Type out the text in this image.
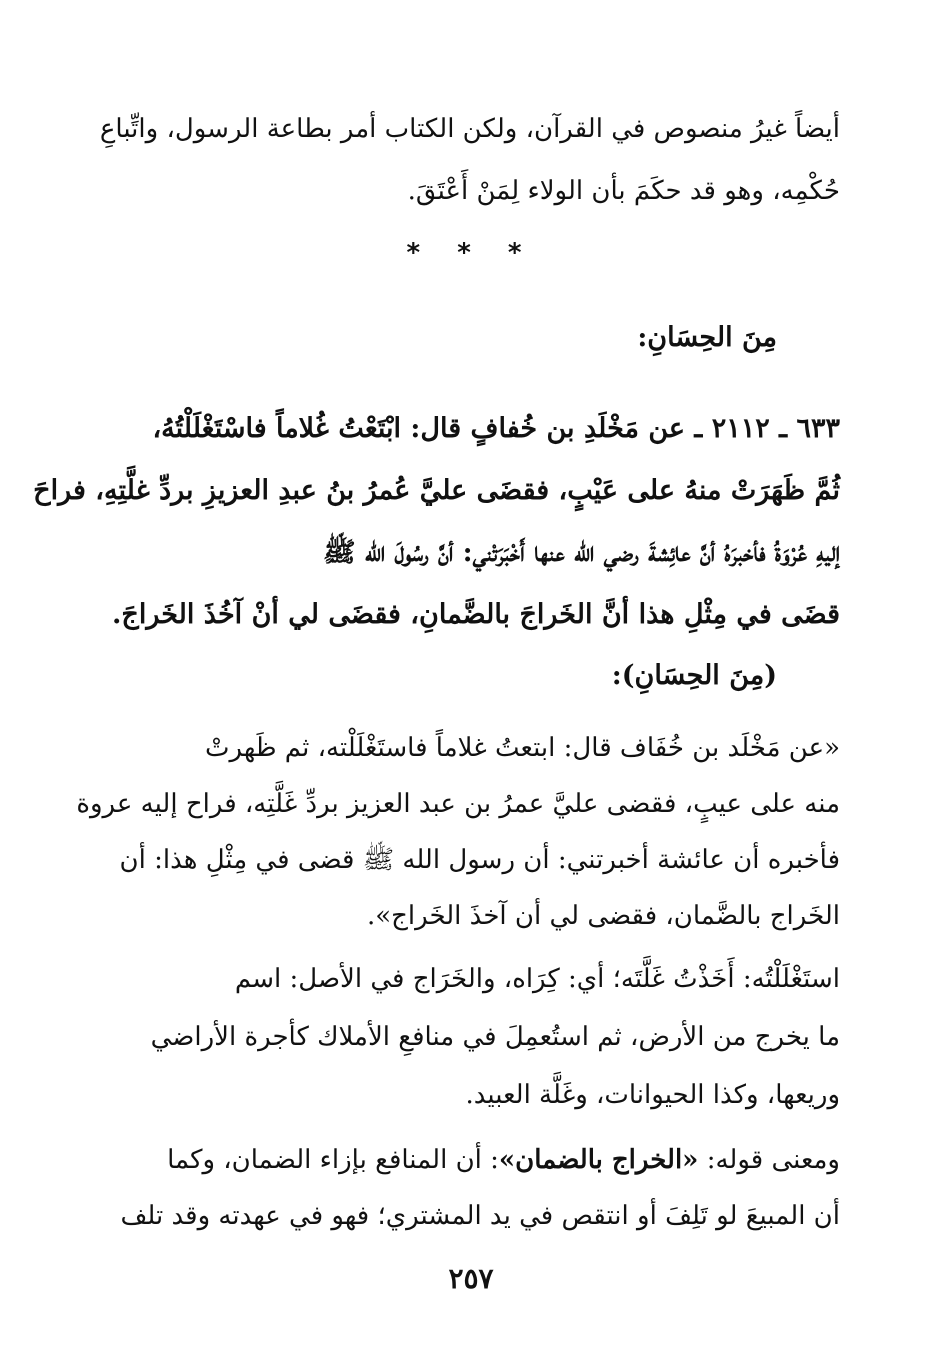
أيضاً غيرُ منصوص في القرآن، ولكن الكتاب أمر بطاعة الرسول، واتِّباعِ
حُكْمِه، وهو قد حكَمَ بأن الولاء لِمَنْ أَعْتَقَ.
* * *
مِنَ الحِسَانِ:
٦٣٣ ـ ٢١١٢ ـ عن مَخْلَدِ بن خُفافٍ قال: ابْتَعْتُ غُلاماً فاسْتَغْلَلْتُهُ،
ثُمَّ ظَهَرَتْ منهُ على عَيْبٍ، فقضَى عليَّ عُمرُ بنُ عبدِ العزيزِ بردِّ غلَّتِهِ، فراحَ
إليهِ عُرْوَةُ فأخبرَهُ أنَّ عائِشةَ رضي الله عنها أَخْبَرَتْني: أنَّ رسُولَ الله ﷺ
قضَى في مِثْلِ هذا أنَّ الخَراجَ بالضَّمانِ، فقضَى لي أنْ آخُذَ الخَراجَ.
(مِنَ الحِسَانِ):
«عن مَخْلَد بن خُفَاف قال: ابتعتُ غلاماً فاستَغْلَلْته، ثم ظَهرتْ
منه على عيبٍ، فقضى عليَّ عمرُ بن عبد العزيز بردِّ غَلَّتِه، فراح إليه عروة
فأخبره أن عائشة أخبرتني: أن رسول الله ﷺ قضى في مِثْلِ هذا: أن
الخَراج بالضَّمان، فقضى لي أن آخذَ الخَراج».
استَغْلَلْتُه: أَخَذْتُ غَلَّتَه؛ أي: كِرَاه، والخَرَاج في الأصل: اسم
ما يخرج من الأرض، ثم استُعمِلَ في منافعِ الأملاك كأجرة الأراضي
وريعها، وكذا الحيوانات، وغَلَّة العبيد.
ومعنى قوله: «الخراج بالضمان»: أن المنافع بإزاء الضمان، وكما
أن المبيعَ لو تَلِفَ أو انتقص في يد المشتري؛ فهو في عهدته وقد تلف
٢٥٧
